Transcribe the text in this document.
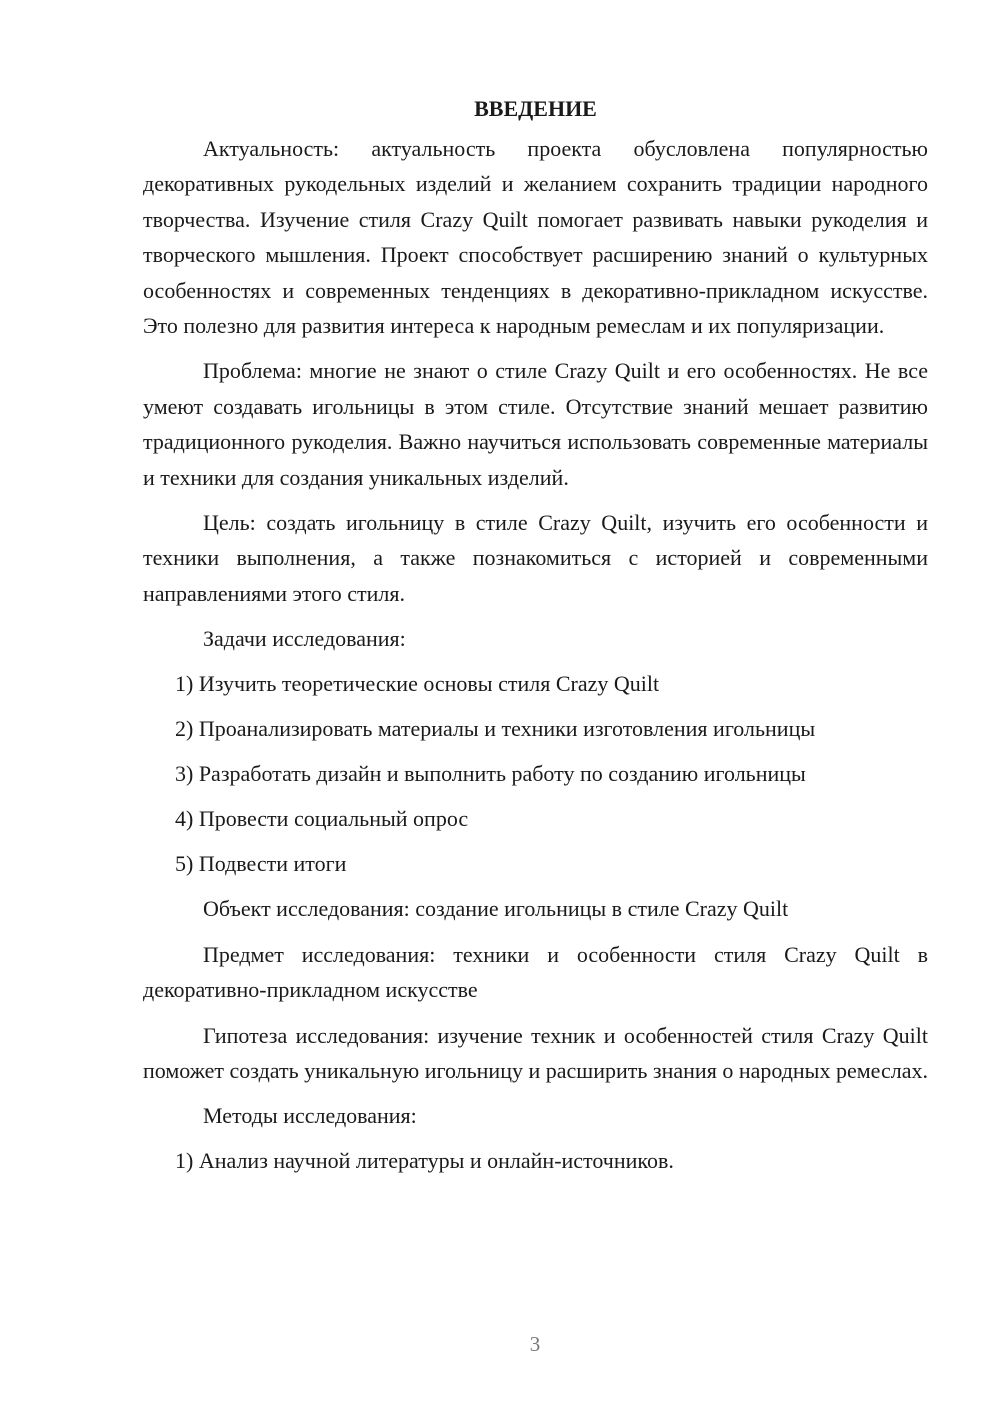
ВВЕДЕНИЕ

Актуальность: актуальность проекта обусловлена популярностью декоративных рукодельных изделий и желанием сохранить традиции народного творчества. Изучение стиля Crazy Quilt помогает развивать навыки рукоделия и творческого мышления. Проект способствует расширению знаний о культурных особенностях и современных тенденциях в декоративно-прикладном искусстве. Это полезно для развития интереса к народным ремеслам и их популяризации.

Проблема: многие не знают о стиле Crazy Quilt и его особенностях. Не все умеют создавать игольницы в этом стиле. Отсутствие знаний мешает развитию традиционного рукоделия. Важно научиться использовать современные материалы и техники для создания уникальных изделий.

Цель: создать игольницу в стиле Crazy Quilt, изучить его особенности и техники выполнения, а также познакомиться с историей и современными направлениями этого стиля.

Задачи исследования:
1) Изучить теоретические основы стиля Crazy Quilt
2) Проанализировать материалы и техники изготовления игольницы
3) Разработать дизайн и выполнить работу по созданию игольницы
4) Провести социальный опрос
5) Подвести итоги

Объект исследования: создание игольницы в стиле Crazy Quilt

Предмет исследования: техники и особенности стиля Crazy Quilt в декоративно-прикладном искусстве

Гипотеза исследования: изучение техник и особенностей стиля Crazy Quilt поможет создать уникальную игольницу и расширить знания о народных ремеслах.

Методы исследования:
1) Анализ научной литературы и онлайн-источников.
3
